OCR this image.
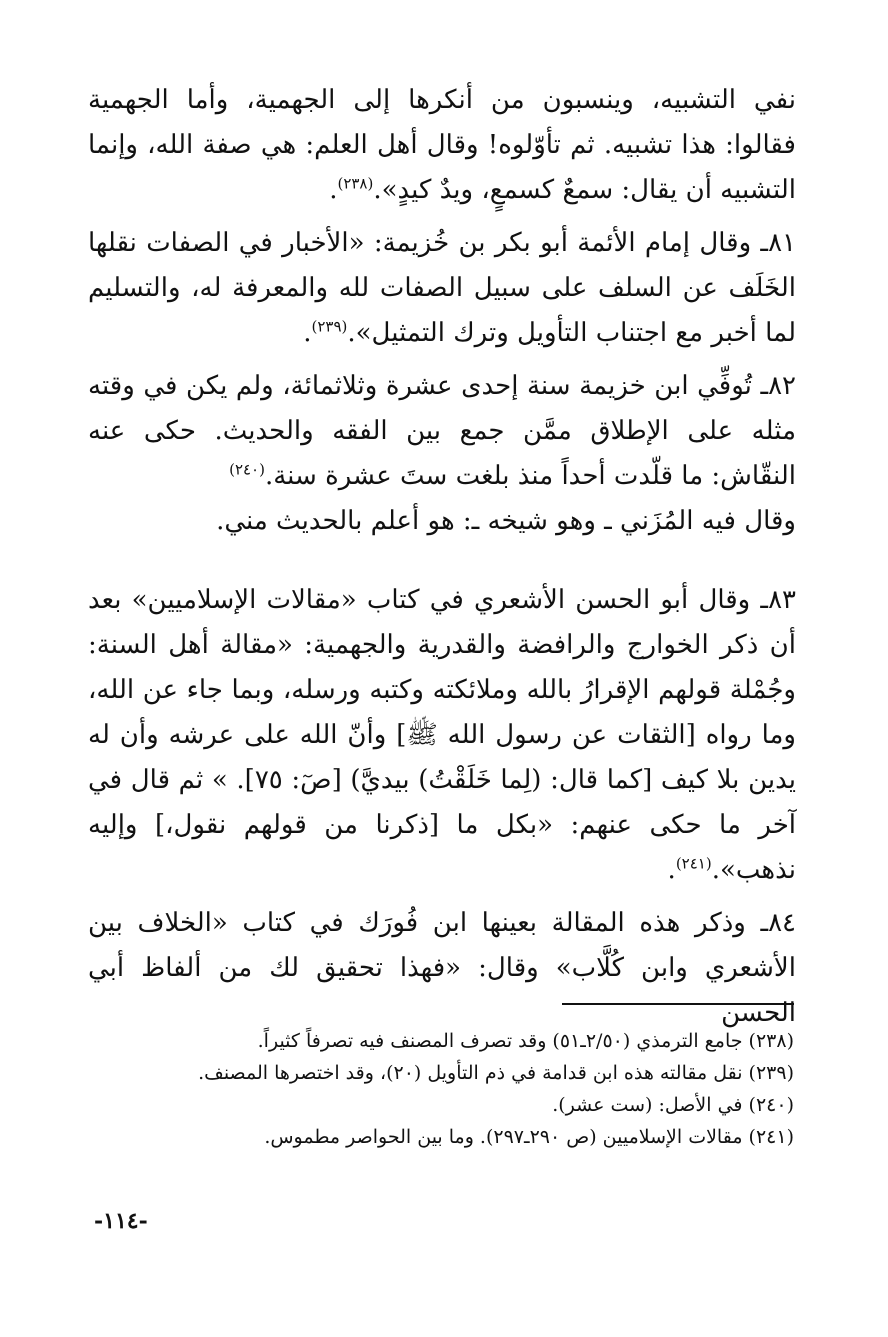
نفي التشبيه، وينسبون من أنكرها إلى الجهمية، وأما الجهمية فقالوا: هذا تشبيه. ثم تأوّلوه! وقال أهل العلم: هي صفة الله، وإنما التشبيه أن يقال: سمعٌ كسمعٍ، ويدٌ كيدٍ».$^{(٢٣٨)}$.

٨١ـ وقال إمام الأئمة أبو بكر بن خُزيمة: «الأخبار في الصفات نقلها الخَلَف عن السلف على سبيل الصفات لله والمعرفة له، والتسليم لما أخبر مع اجتناب التأويل وترك التمثيل».$^{(٢٣٩)}$.

٨٢ـ تُوفِّي ابن خزيمة سنة إحدى عشرة وثلاثمائة، ولم يكن في وقته مثله على الإطلاق ممَّن جمع بين الفقه والحديث. حكى عنه النقّاش: ما قلّدت أحداً منذ بلغت ستَ عشرة سنة.$^{(٢٤٠)}$

وقال فيه المُزَني ـ وهو شيخه ـ: هو أعلم بالحديث مني.

٨٣ـ وقال أبو الحسن الأشعري في كتاب «مقالات الإسلاميين» بعد أن ذكر الخوارج والرافضة والقدرية والجهمية: «مقالة أهل السنة: وجُمْلة قولهم الإقرارُ بالله وملائكته وكتبه ورسله، وبما جاء عن الله، وما رواه [الثقات عن رسول الله ﷺ] وأنّ الله على عرشه وأن له يدين بلا كيف [كما قال: (لِما خَلَقْتُ) بيديَّ) [صٓ: ٧٥]. » ثم قال في آخر ما حكى عنهم: «بكل ما [ذكرنا من قولهم نقول،] وإليه نذهب».$^{(٢٤١)}$.

٨٤ـ وذكر هذه المقالة بعينها ابن فُورَك في كتاب «الخلاف بين الأشعري وابن كُلَّاب» وقال: «فهذا تحقيق لك من ألفاظ أبي الحسن

(٢٣٨) جامع الترمذي (٢/٥٠ـ٥١) وقد تصرف المصنف فيه تصرفاً كثيراً.
(٢٣٩) نقل مقالته هذه ابن قدامة في ذم التأويل (٢٠)، وقد اختصرها المصنف.
(٢٤٠) في الأصل: (ست عشر).
(٢٤١) مقالات الإسلاميين (ص ٢٩٠ـ٢٩٧). وما بين الحواصر مطموس.
-١١٤-
